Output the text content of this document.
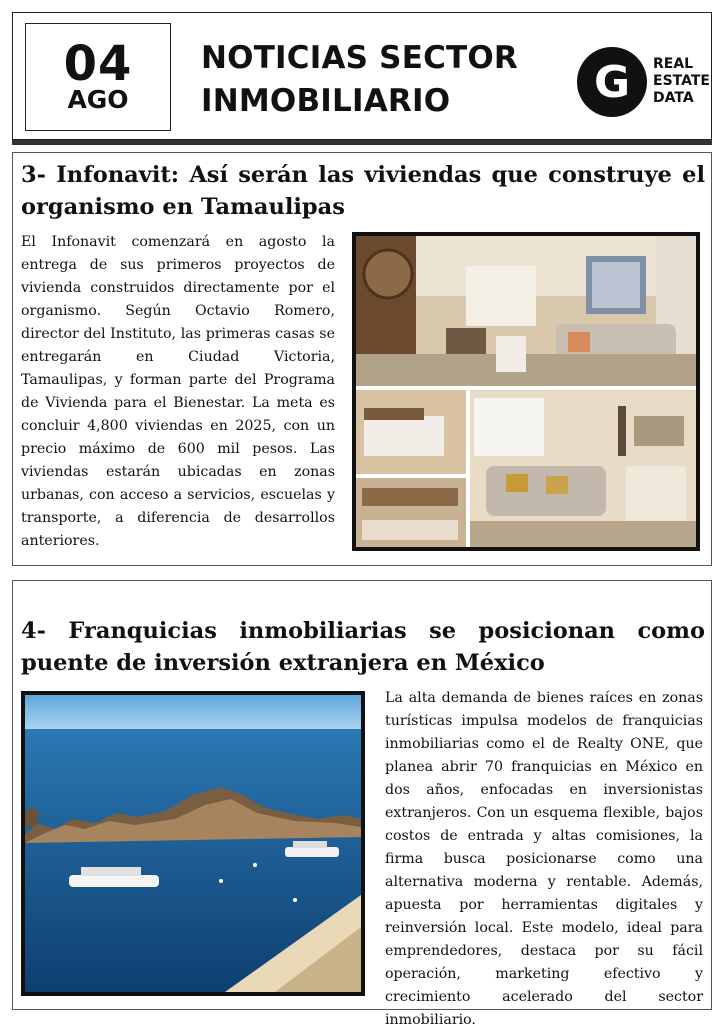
04
AGO
NOTICIAS SECTOR
INMOBILIARIO	G REAL
ESTATE
DATA
3- Infonavit: Así serán las viviendas que construye el organismo en Tamaulipas
El Infonavit comenzará en agosto la entrega de sus primeros proyectos de vivienda construidos directamente por el organismo. Según Octavio Romero, director del Instituto, las primeras casas se entregarán en Ciudad Victoria, Tamaulipas, y forman parte del Programa de Vivienda para el Bienestar. La meta es concluir 4,800 viviendas en 2025, con un precio máximo de 600 mil pesos. Las viviendas estarán ubicadas en zonas urbanas, con acceso a servicios, escuelas y transporte, a diferencia de desarrollos anteriores.
4- Franquicias inmobiliarias se posicionan como puente de inversión extranjera en México
La alta demanda de bienes raíces en zonas turísticas impulsa modelos de franquicias inmobiliarias como el de Realty ONE, que planea abrir 70 franquicias en México en dos años, enfocadas en inversionistas extranjeros. Con un esquema flexible, bajos costos de entrada y altas comisiones, la firma busca posicionarse como una alternativa moderna y rentable. Además, apuesta por herramientas digitales y reinversión local. Este modelo, ideal para emprendedores, destaca por su fácil operación, marketing efectivo y crecimiento acelerado del sector inmobiliario.
